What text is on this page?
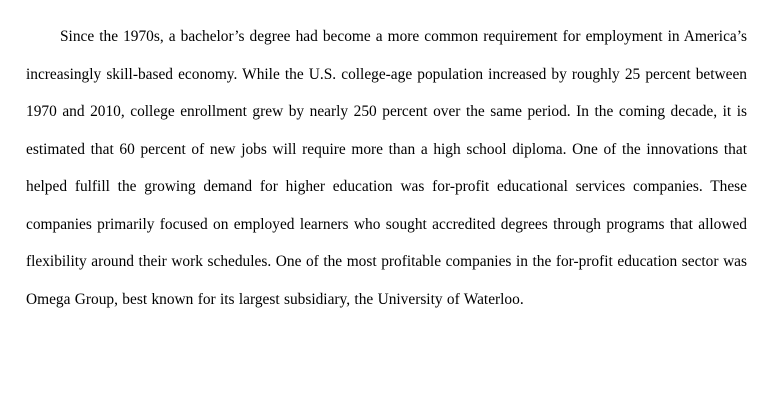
Since the 1970s, a bachelor’s degree had become a more common requirement for employment in America’s increasingly skill-based economy. While the U.S. college-age population increased by roughly 25 percent between 1970 and 2010, college enrollment grew by nearly 250 percent over the same period. In the coming decade, it is estimated that 60 percent of new jobs will require more than a high school diploma. One of the innovations that helped fulfill the growing demand for higher education was for-profit educational services companies. These companies primarily focused on employed learners who sought accredited degrees through programs that allowed flexibility around their work schedules. One of the most profitable companies in the for-profit education sector was Omega Group, best known for its largest subsidiary, the University of Waterloo.
